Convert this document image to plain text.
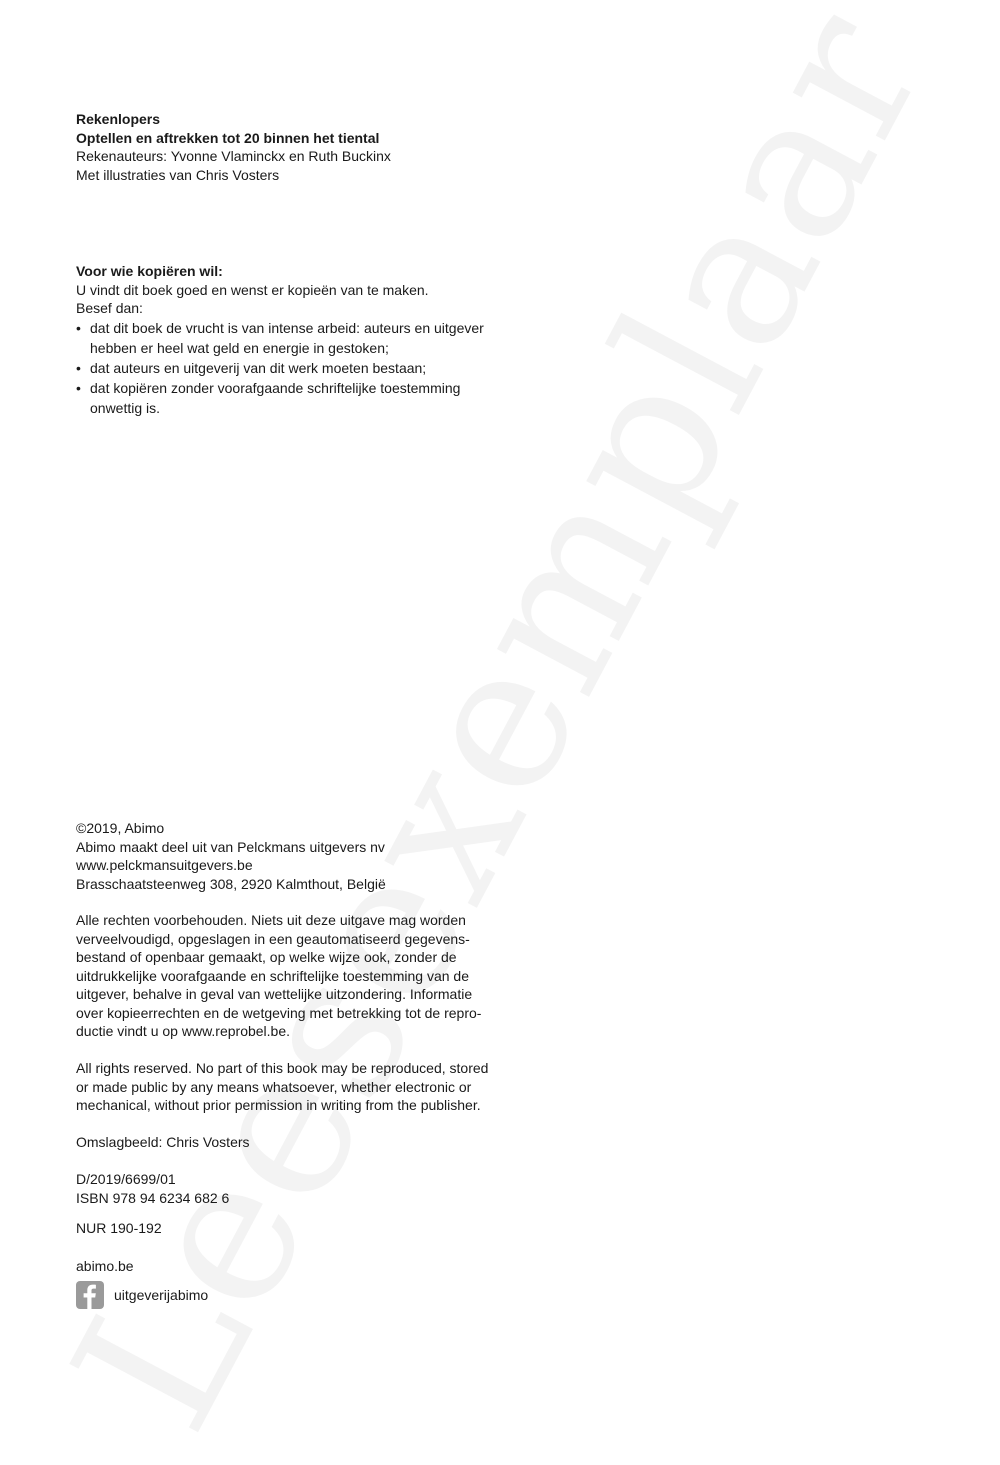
Rekenlopers
Optellen en aftrekken tot 20 binnen het tiental
Rekenauteurs: Yvonne Vlaminckx en Ruth Buckinx
Met illustraties van Chris Vosters
Voor wie kopiëren wil:
U vindt dit boek goed en wenst er kopieën van te maken.
Besef dan:
• dat dit boek de vrucht is van intense arbeid: auteurs en uitgever
hebben er heel wat geld en energie in gestoken;
• dat auteurs en uitgeverij van dit werk moeten bestaan;
• dat kopiëren zonder voorafgaande schriftelijke toestemming
onwettig is.
©2019, Abimo
Abimo maakt deel uit van Pelckmans uitgevers nv
www.pelckmansuitgevers.be
Brasschaatsteenweg 308, 2920 Kalmthout, België
Alle rechten voorbehouden. Niets uit deze uitgave mag worden
verveelvoudigd, opgeslagen in een geautomatiseerd gegevens-
bestand of openbaar gemaakt, op welke wijze ook, zonder de
uitdrukkelijke voorafgaande en schriftelijke toestemming van de
uitgever, behalve in geval van wettelijke uitzondering. Informatie
over kopieerrechten en de wetgeving met betrekking tot de repro-
ductie vindt u op www.reprobel.be.
All rights reserved. No part of this book may be reproduced, stored
or made public by any means whatsoever, whether electronic or
mechanical, without prior permission in writing from the publisher.
Omslagbeeld: Chris Vosters
D/2019/6699/01
ISBN 978 94 6234 682 6
NUR 190-192
abimo.be
uitgeverijabimo
